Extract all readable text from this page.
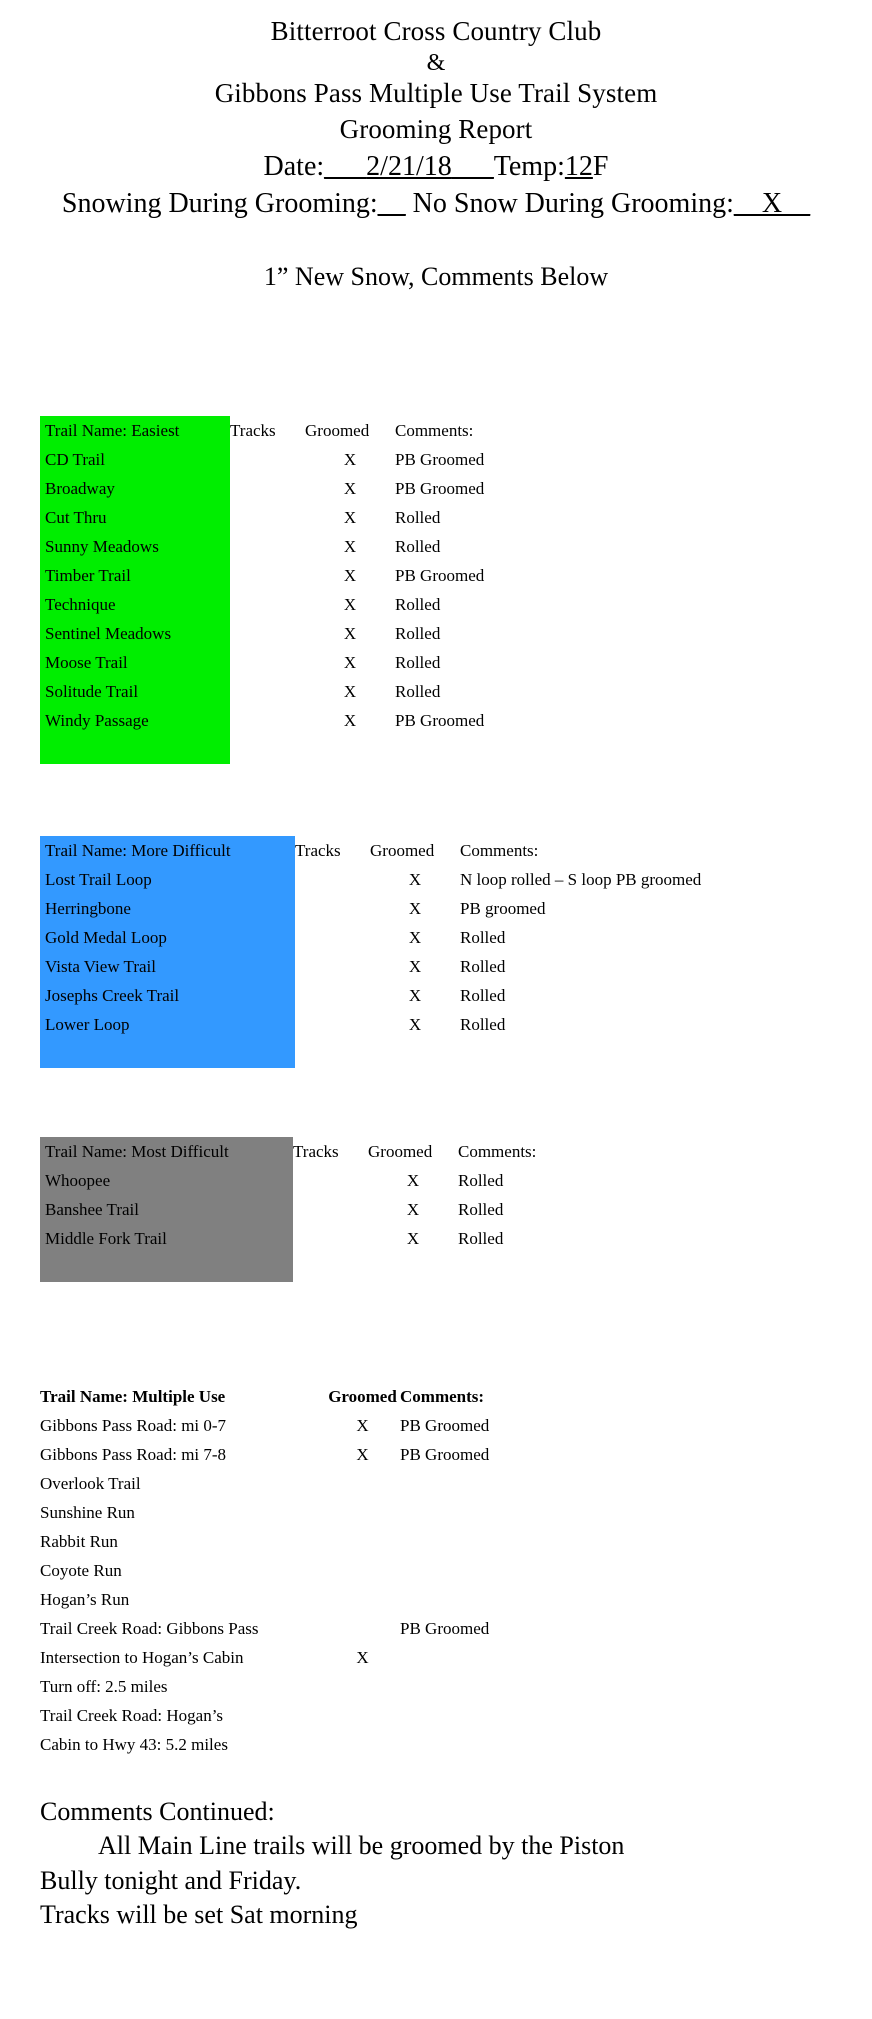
Bitterroot Cross Country Club
&
Gibbons Pass Multiple Use Trail System
Grooming Report
Date:___2/21/18___Temp:12F
Snowing During Grooming:__ No Snow During Grooming:__X__
1” New Snow, Comments Below
Trail Name: Easiest	Tracks	Groomed	Comments:
CD Trail		X	PB Groomed
Broadway		X	PB Groomed
Cut Thru		X	Rolled
Sunny Meadows		X	Rolled
Timber Trail		X	PB Groomed
Technique		X	Rolled
Sentinel Meadows		X	Rolled
Moose Trail		X	Rolled
Solitude Trail		X	Rolled
Windy Passage		X	PB Groomed

Trail Name: More Difficult	Tracks	Groomed	Comments:
Lost Trail Loop		X	N loop rolled – S loop PB groomed
Herringbone		X	PB groomed
Gold Medal Loop		X	Rolled
Vista View Trail		X	Rolled
Josephs Creek Trail		X	Rolled
Lower Loop		X	Rolled

Trail Name: Most Difficult	Tracks	Groomed	Comments:
Whoopee		X	Rolled
Banshee Trail		X	Rolled
Middle Fork Trail		X	Rolled

Trail Name: Multiple Use	Groomed	Comments:
Gibbons Pass Road: mi 0-7	X	PB Groomed
Gibbons Pass Road: mi 7-8	X	PB Groomed
Overlook Trail		
Sunshine Run		
Rabbit Run		
Coyote Run		
Hogan’s Run		
Trail Creek Road: Gibbons Pass		PB Groomed
Intersection to Hogan’s Cabin	X	
Turn off: 2.5 miles		
Trail Creek Road: Hogan’s		
Cabin to Hwy 43: 5.2 miles		
Comments Continued:
All Main Line trails will be groomed by the Piston
Bully tonight and Friday.
Tracks will be set Sat morning
